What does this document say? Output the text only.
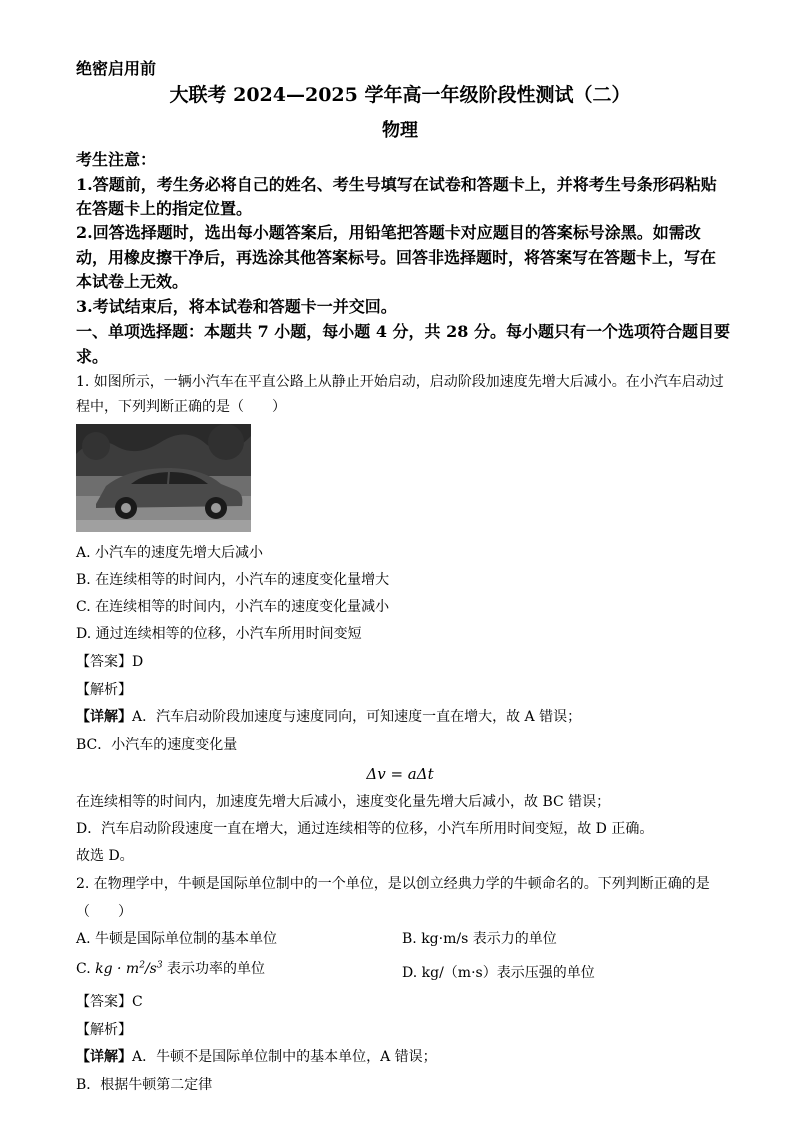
绝密启用前
大联考 2024—2025 学年高一年级阶段性测试（二）
物理
考生注意：
1.答题前，考生务必将自己的姓名、考生号填写在试卷和答题卡上，并将考生号条形码粘贴
在答题卡上的指定位置。
2.回答选择题时，选出每小题答案后，用铅笔把答题卡对应题目的答案标号涂黑。如需改
动，用橡皮擦干净后，再选涂其他答案标号。回答非选择题时，将答案写在答题卡上，写在
本试卷上无效。
3.考试结束后，将本试卷和答题卡一并交回。
一、单项选择题：本题共 7 小题，每小题 4 分，共 28 分。每小题只有一个选项符合题目要
求。
1. 如图所示，一辆小汽车在平直公路上从静止开始启动，启动阶段加速度先增大后减小。在小汽车启动过
程中，下列判断正确的是（　　）
A. 小汽车的速度先增大后减小
B. 在连续相等的时间内，小汽车的速度变化量增大
C. 在连续相等的时间内，小汽车的速度变化量减小
D. 通过连续相等的位移，小汽车所用时间变短
【答案】D
【解析】
【详解】A．汽车启动阶段加速度与速度同向，可知速度一直在增大，故 A 错误；
BC．小汽车的速度变化量
Δv = aΔt
在连续相等的时间内，加速度先增大后减小，速度变化量先增大后减小，故 BC 错误；
D．汽车启动阶段速度一直在增大，通过连续相等的位移，小汽车所用时间变短，故 D 正确。
故选 D。
2. 在物理学中，牛顿是国际单位制中的一个单位，是以创立经典力学的牛顿命名的。下列判断正确的是
（　　）
A. 牛顿是国际单位制的基本单位	B. kg·m/s 表示力的单位
C. kg · $m^2/s^3$ 表示功率的单位	D. kg/（m·s）表示压强的单位
【答案】C
【解析】
【详解】A．牛顿不是国际单位制中的基本单位，A 错误；
B．根据牛顿第二定律
